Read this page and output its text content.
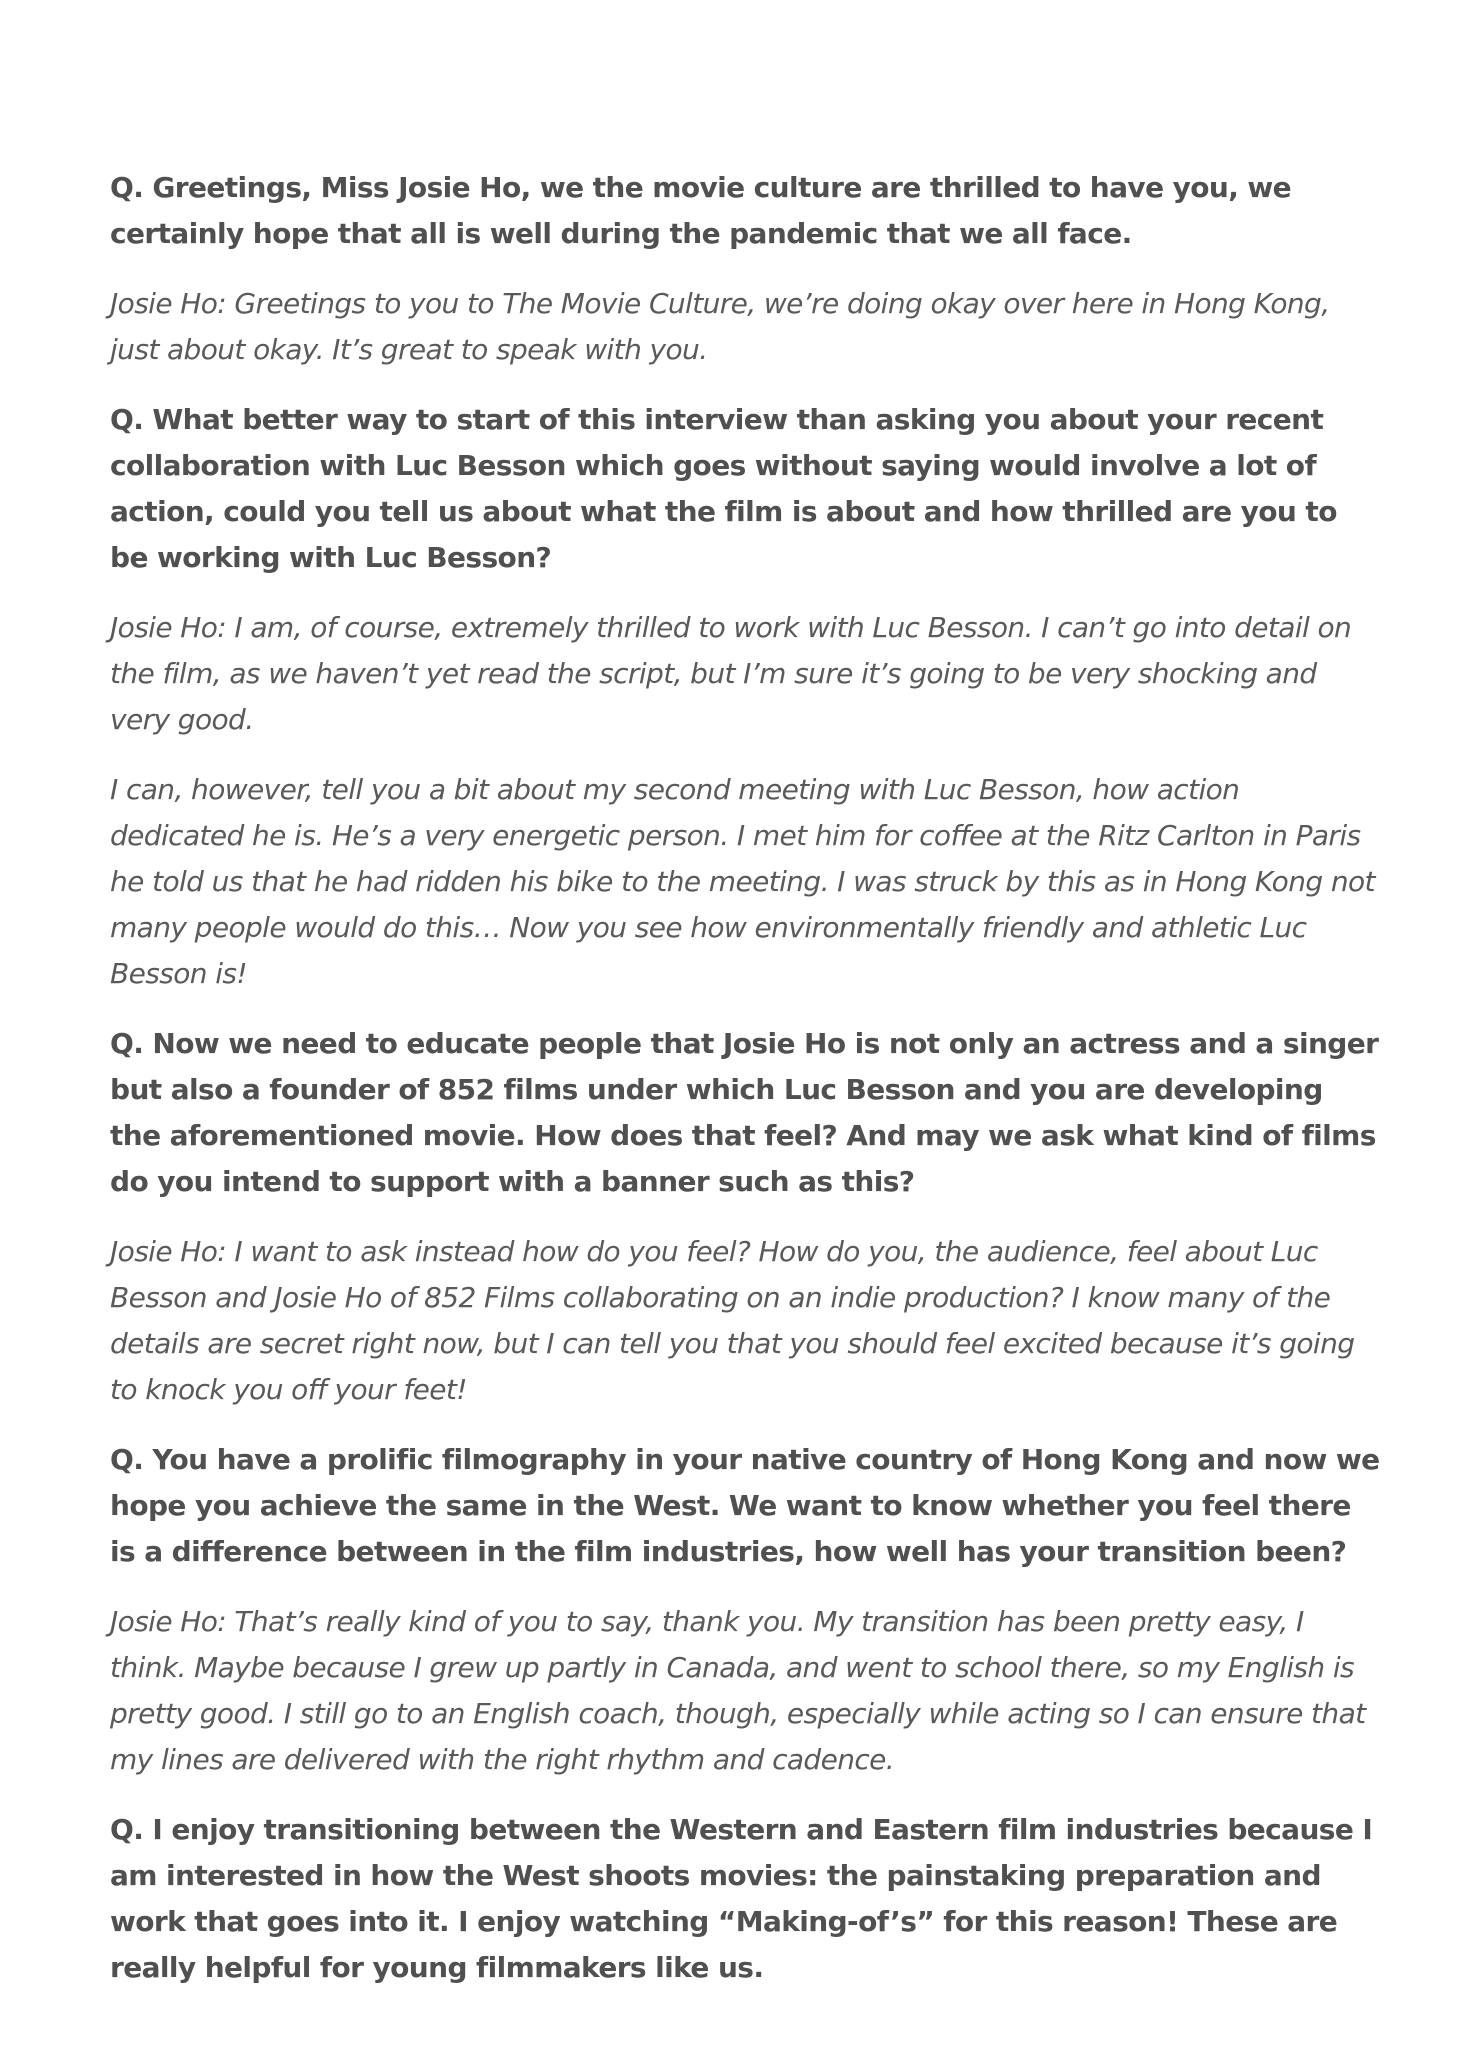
Q. Greetings, Miss Josie Ho, we the movie culture are thrilled to have you, we certainly hope that all is well during the pandemic that we all face.

Josie Ho: Greetings to you to The Movie Culture, we’re doing okay over here in Hong Kong, just about okay. It’s great to speak with you.

Q. What better way to start of this interview than asking you about your recent collaboration with Luc Besson which goes without saying would involve a lot of action, could you tell us about what the film is about and how thrilled are you to be working with Luc Besson?

Josie Ho: I am, of course, extremely thrilled to work with Luc Besson. I can’t go into detail on the film, as we haven’t yet read the script, but I’m sure it’s going to be very shocking and very good.

I can, however, tell you a bit about my second meeting with Luc Besson, how action dedicated he is. He’s a very energetic person. I met him for coffee at the Ritz Carlton in Paris he told us that he had ridden his bike to the meeting. I was struck by this as in Hong Kong not many people would do this… Now you see how environmentally friendly and athletic Luc Besson is!

Q. Now we need to educate people that Josie Ho is not only an actress and a singer but also a founder of 852 films under which Luc Besson and you are developing the aforementioned movie. How does that feel? And may we ask what kind of films do you intend to support with a banner such as this?

Josie Ho: I want to ask instead how do you feel? How do you, the audience, feel about Luc Besson and Josie Ho of 852 Films collaborating on an indie production? I know many of the details are secret right now, but I can tell you that you should feel excited because it’s going to knock you off your feet!

Q. You have a prolific filmography in your native country of Hong Kong and now we hope you achieve the same in the West. We want to know whether you feel there is a difference between in the film industries, how well has your transition been?

Josie Ho: That’s really kind of you to say, thank you. My transition has been pretty easy, I think. Maybe because I grew up partly in Canada, and went to school there, so my English is pretty good. I still go to an English coach, though, especially while acting so I can ensure that my lines are delivered with the right rhythm and cadence.

Q. I enjoy transitioning between the Western and Eastern film industries because I am interested in how the West shoots movies: the painstaking preparation and work that goes into it. I enjoy watching “Making-of’s” for this reason! These are really helpful for young filmmakers like us.
